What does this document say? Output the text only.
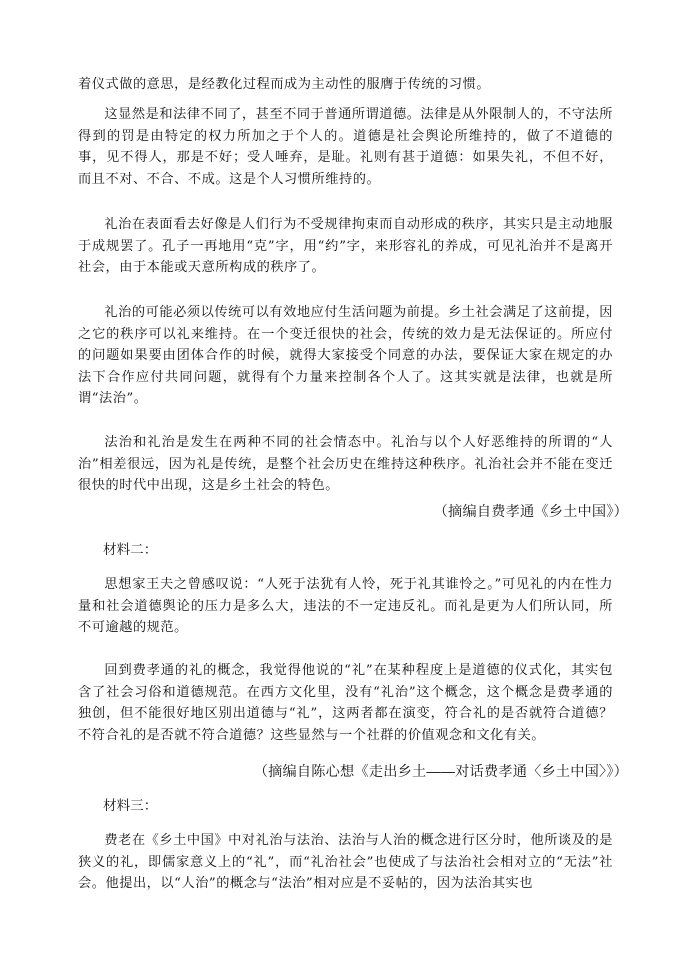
着仪式做的意思，是经教化过程而成为主动性的服膺于传统的习惯。

这显然是和法律不同了，甚至不同于普通所谓道德。法律是从外限制人的，不守法所得到的罚是由特定的权力所加之于个人的。道德是社会舆论所维持的，做了不道德的事，见不得人，那是不好；受人唾弃，是耻。礼则有甚于道德：如果失礼，不但不好，而且不对、不合、不成。这是个人习惯所维持的。

礼治在表面看去好像是人们行为不受规律拘束而自动形成的秩序，其实只是主动地服于成规罢了。孔子一再地用“克”字，用“约”字，来形容礼的养成，可见礼治并不是离开社会，由于本能或天意所构成的秩序了。

礼治的可能必须以传统可以有效地应付生活问题为前提。乡土社会满足了这前提，因之它的秩序可以礼来维持。在一个变迁很快的社会，传统的效力是无法保证的。所应付的问题如果要由团体合作的时候，就得大家接受个同意的办法，要保证大家在规定的办法下合作应付共同问题，就得有个力量来控制各个人了。这其实就是法律，也就是所谓“法治”。

法治和礼治是发生在两种不同的社会情态中。礼治与以个人好恶维持的所谓的“人治”相差很远，因为礼是传统，是整个社会历史在维持这种秩序。礼治社会并不能在变迁很快的时代中出现，这是乡土社会的特色。

（摘编自费孝通《乡土中国》）
材料二：

思想家王夫之曾感叹说：“人死于法犹有人怜，死于礼其谁怜之。”可见礼的内在性力量和社会道德舆论的压力是多么大，违法的不一定违反礼。而礼是更为人们所认同，所不可逾越的规范。

回到费孝通的礼的概念，我觉得他说的“礼”在某种程度上是道德的仪式化，其实包含了社会习俗和道德规范。在西方文化里，没有“礼治”这个概念，这个概念是费孝通的独创，但不能很好地区别出道德与“礼”，这两者都在演变，符合礼的是否就符合道德？不符合礼的是否就不符合道德？这些显然与一个社群的价值观念和文化有关。

（摘编自陈心想《走出乡土——对话费孝通〈乡土中国〉》）
材料三：

费老在《乡土中国》中对礼治与法治、法治与人治的概念进行区分时，他所谈及的是狭义的礼，即儒家意义上的“礼”，而“礼治社会”也使成了与法治社会相对立的“无法”社会。他提出，以“人治”的概念与“法治”相对应是不妥帖的，因为法治其实也
